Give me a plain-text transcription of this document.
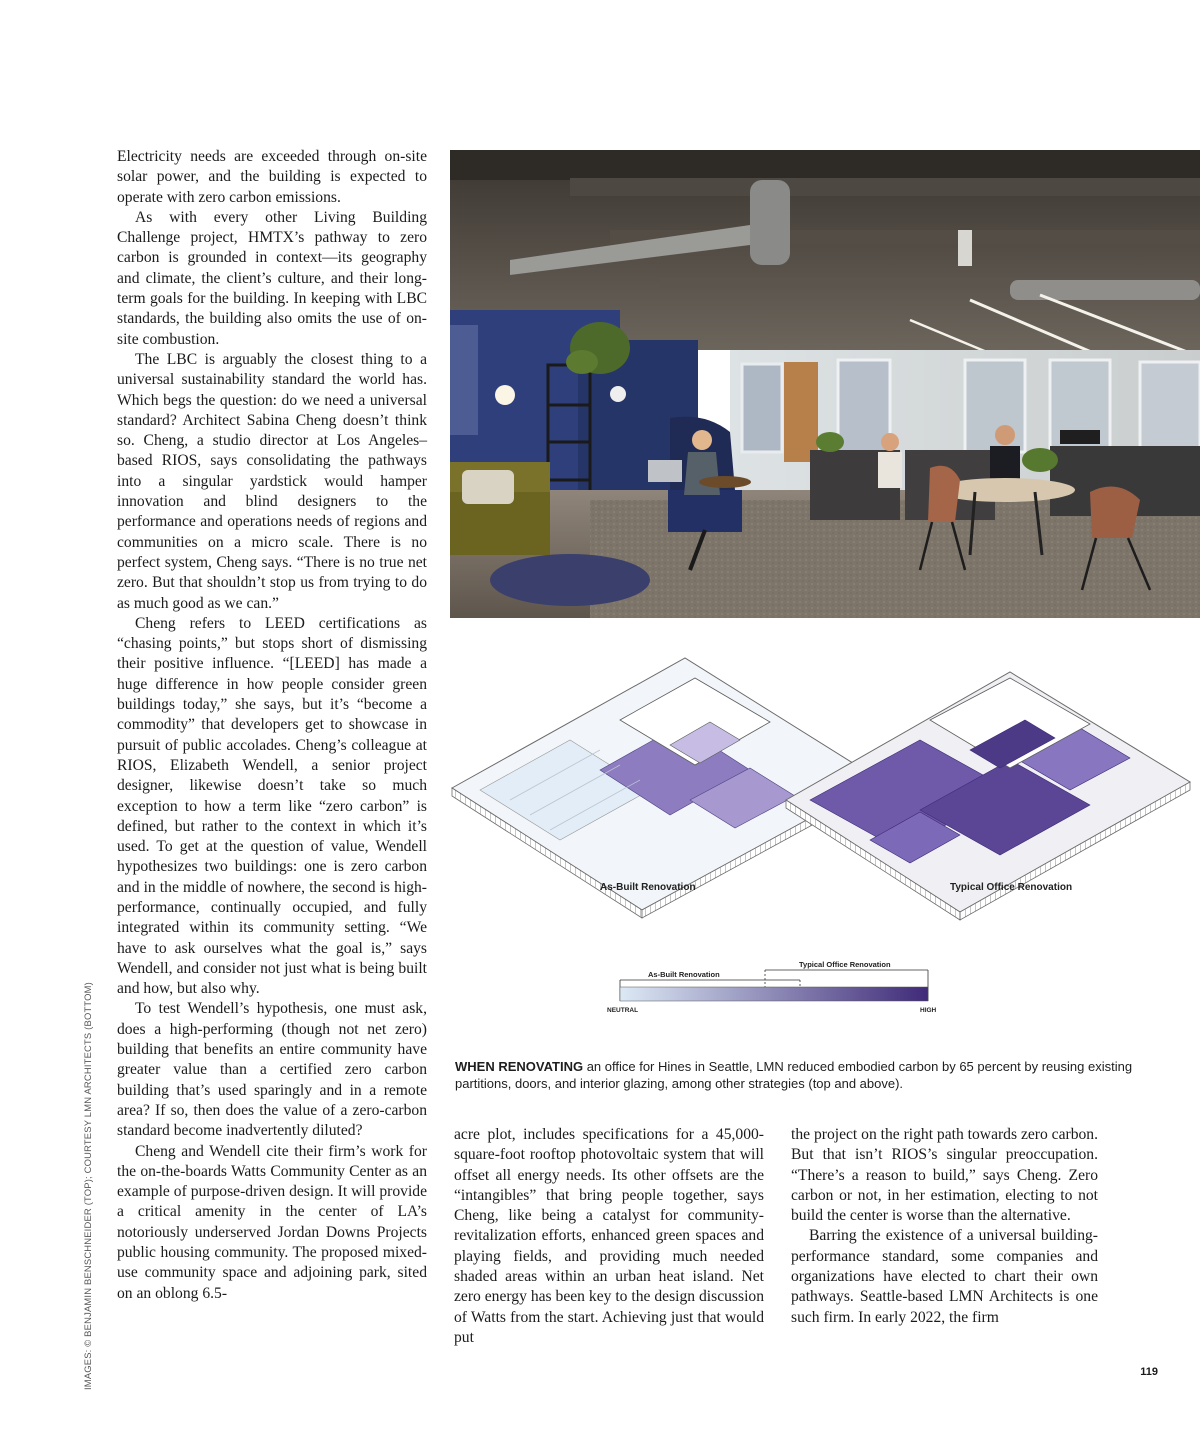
Electricity needs are exceeded through on-site solar power, and the building is expected to operate with zero carbon emissions.

As with every other Living Building Challenge project, HMTX’s pathway to zero carbon is grounded in context—its geography and climate, the client’s culture, and their long-term goals for the building. In keeping with LBC standards, the building also omits the use of on-site combustion.

The LBC is arguably the closest thing to a universal sustainability standard the world has. Which begs the question: do we need a universal standard? Architect Sabina Cheng doesn’t think so. Cheng, a studio director at Los Angeles–based RIOS, says consolidating the pathways into a singular yardstick would hamper innovation and blind designers to the performance and operations needs of regions and communities on a micro scale. There is no perfect system, Cheng says. “There is no true net zero. But that shouldn’t stop us from trying to do as much good as we can.”

Cheng refers to LEED certifications as “chasing points,” but stops short of dismissing their positive influence. “[LEED] has made a huge difference in how people consider green buildings today,” she says, but it’s “become a commodity” that developers get to showcase in pursuit of public accolades. Cheng’s colleague at RIOS, Elizabeth Wendell, a senior project designer, likewise doesn’t take so much exception to how a term like “zero carbon” is defined, but rather to the context in which it’s used. To get at the question of value, Wendell hypothesizes two buildings: one is zero carbon and in the middle of nowhere, the second is high-performance, continually occupied, and fully integrated within its community setting. “We have to ask ourselves what the goal is,” says Wendell, and consider not just what is being built and how, but also why.

To test Wendell’s hypothesis, one must ask, does a high-performing (though not net zero) building that benefits an entire community have greater value than a certified zero carbon building that’s used sparingly and in a remote area? If so, then does the value of a zero-carbon standard become inadvertently diluted?

Cheng and Wendell cite their firm’s work for the on-the-boards Watts Community Center as an example of purpose-driven design. It will provide a critical amenity in the center of LA’s notoriously underserved Jordan Downs Projects public housing community. The proposed mixed-use community space and adjoining park, sited on an oblong 6.5-

acre plot, includes specifications for a 45,000-square-foot rooftop photovoltaic system that will offset all energy needs. Its other offsets are the “intangibles” that bring people together, says Cheng, like being a catalyst for community-revitalization efforts, enhanced green spaces and playing fields, and providing much needed shaded areas within an urban heat island. Net zero energy has been key to the design discussion of Watts from the start. Achieving just that would put

the project on the right path towards zero carbon. But that isn’t RIOS’s singular preoccupation. “There’s a reason to build,” says Cheng. Zero carbon or not, in her estimation, electing to not build the center is worse than the alternative.

Barring the existence of a universal building-performance standard, some companies and organizations have elected to chart their own pathways. Seattle-based LMN Architects is one such firm. In early 2022, the firm

IMAGES: © BENJAMIN BENSCHNEIDER (TOP); COURTESY LMN ARCHITECTS (BOTTOM)
As-Built Renovation	Typical Office Renovation
As-Built Renovation
Typical Office Renovation
NEUTRAL	HIGH
WHEN RENOVATING an office for Hines in Seattle, LMN reduced embodied carbon by 65 percent by reusing existing partitions, doors, and interior glazing, among other strategies (top and above).
119
